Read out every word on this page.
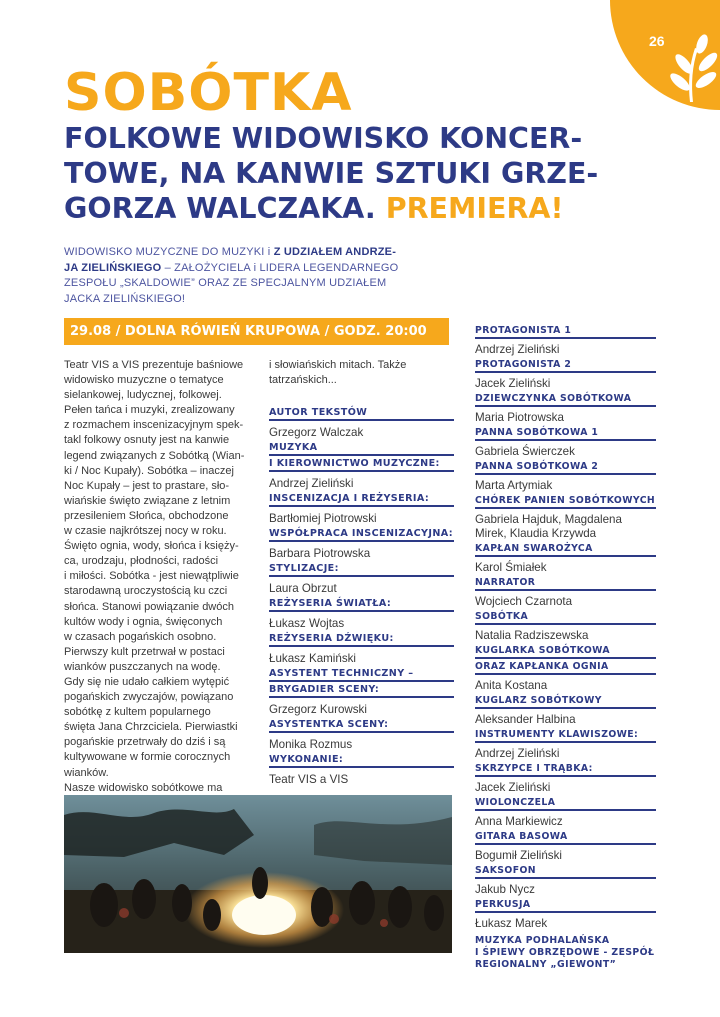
26
SOBÓTKA
FOLKOWE WIDOWISKO KONCER-
TOWE, NA KANWIE SZTUKI GRZE-
GORZA WALCZAKA. PREMIERA!
WIDOWISKO MUZYCZNE DO MUZYKI i Z UDZIAŁEM ANDRZE-
JA ZIELIŃSKIEGO – ZAŁOŻYCIELA i LIDERA LEGENDARNEGO
ZESPOŁU „SKALDOWIE” ORAZ ZE SPECJALNYM UDZIAŁEM
JACKA ZIELIŃSKIEGO!
29.08 / DOLNA RÓWIEŃ KRUPOWA / GODZ. 20:00
Teatr VIS a VIS prezentuje baśniowe
widowisko muzyczne o tematyce
sielankowej, ludycznej, folkowej.
Pełen tańca i muzyki, zrealizowany
z rozmachem inscenizacyjnym spek-
takl folkowy osnuty jest na kanwie
legend związanych z Sobótką (Wian-
ki / Noc Kupały). Sobótka – inaczej
Noc Kupały – jest to prastare, sło-
wiańskie święto związane z letnim
przesileniem Słońca, obchodzone
w czasie najkrótszej nocy w roku.
Święto ognia, wody, słońca i księży-
ca, urodzaju, płodności, radości
i miłości. Sobótka - jest niewątpliwie
starodawną uroczystością ku czci
słońca. Stanowi powiązanie dwóch
kultów wody i ognia, święconych
w czasach pogańskich osobno.
Pierwszy kult przetrwał w postaci
wianków puszczanych na wodę.
Gdy się nie udało całkiem wytępić
pogańskich zwyczajów, powiązano
sobótkę z kultem popularnego
święta Jana Chrzciciela. Pierwiastki
pogańskie przetrwały do dziś i są
kultywowane w formie corocznych
wianków.
Nasze widowisko sobótkowe ma
i słowiańskich mitach. Także
tatrzańskich...
AUTOR TEKSTÓW
Grzegorz Walczak
MUZYKA
I KIEROWNICTWO MUZYCZNE:
Andrzej Zieliński
INSCENIZACJA I REŻYSERIA:
Bartłomiej Piotrowski
WSPÓŁPRACA INSCENIZACYJNA:
Barbara Piotrowska
STYLIZACJE:
Laura Obrzut
REŻYSERIA ŚWIATŁA:
Łukasz Wojtas
REŻYSERIA DŹWIĘKU:
Łukasz Kamiński
ASYSTENT TECHNICZNY –
BRYGADIER SCENY:
Grzegorz Kurowski
ASYSTENTKA SCENY:
Monika Rozmus
WYKONANIE:
Teatr VIS a VIS
PROTAGONISTA 1
Andrzej Zieliński
PROTAGONISTA 2
Jacek Zieliński
DZIEWCZYNKA SOBÓTKOWA
Maria Piotrowska
PANNA SOBÓTKOWA 1
Gabriela Świerczek
PANNA SOBÓTKOWA 2
Marta Artymiak
CHÓREK PANIEN SOBÓTKOWYCH
Gabriela Hajduk, Magdalena
Mirek, Klaudia Krzywda
KAPŁAN SWAROŻYCA
Karol Śmiałek
NARRATOR
Wojciech Czarnota
SOBÓTKA
Natalia Radziszewska
KUGLARKA SOBÓTKOWA
ORAZ KAPŁANKA OGNIA
Anita Kostana
KUGLARZ SOBÓTKOWY
Aleksander Halbina
INSTRUMENTY KLAWISZOWE:
Andrzej Zieliński
SKRZYPCE I TRĄBKA:
Jacek Zieliński
WIOLONCZELA
Anna Markiewicz
GITARA BASOWA
Bogumił Zieliński
SAKSOFON
Jakub Nycz
PERKUSJA
Łukasz Marek
MUZYKA PODHALAŃSKA
I ŚPIEWY OBRZĘDOWE - ZESPÓŁ
REGIONALNY „GIEWONT”
